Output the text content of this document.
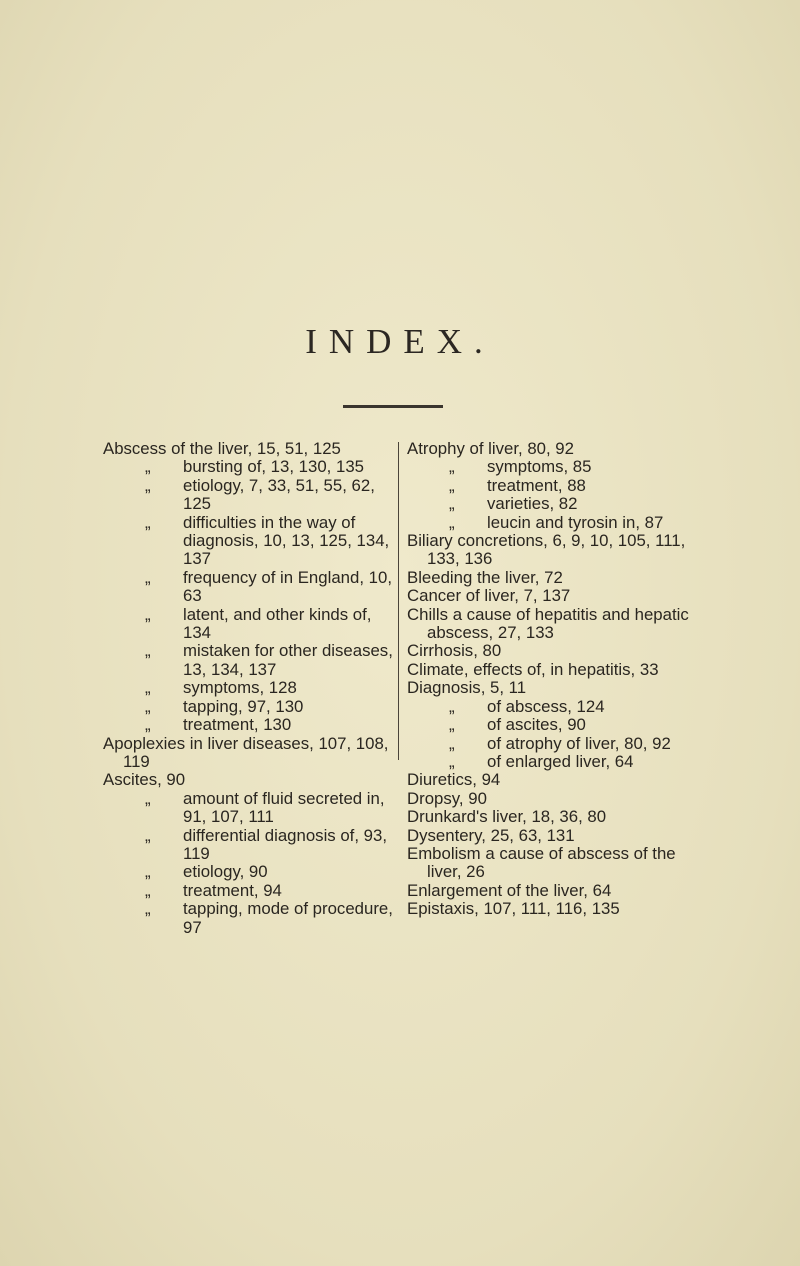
INDEX.

Abscess of the liver, 15, 51, 125

„ bursting of, 13, 130, 135

„ etiology, 7, 33, 51, 55, 62, 125

„ difficulties in the way of diagnosis, 10, 13, 125, 134, 137

„ frequency of in England, 10, 63

„ latent, and other kinds of, 134

„ mistaken for other diseases, 13, 134, 137

„ symptoms, 128

„ tapping, 97, 130

„ treatment, 130

Apoplexies in liver diseases, 107, 108, 119

Ascites, 90

„ amount of fluid secreted in, 91, 107, 111

„ differential diagnosis of, 93, 119

„ etiology, 90

„ treatment, 94

„ tapping, mode of procedure, 97

Atrophy of liver, 80, 92

„ symptoms, 85

„ treatment, 88

„ varieties, 82

„ leucin and tyrosin in, 87

Biliary concretions, 6, 9, 10, 105, 111, 133, 136

Bleeding the liver, 72

Cancer of liver, 7, 137

Chills a cause of hepatitis and hepatic abscess, 27, 133

Cirrhosis, 80

Climate, effects of, in hepatitis, 33

Diagnosis, 5, 11

„ of abscess, 124

„ of ascites, 90

„ of atrophy of liver, 80, 92

„ of enlarged liver, 64

Diuretics, 94

Dropsy, 90

Drunkard's liver, 18, 36, 80

Dysentery, 25, 63, 131

Embolism a cause of abscess of the liver, 26

Enlargement of the liver, 64

Epistaxis, 107, 111, 116, 135
